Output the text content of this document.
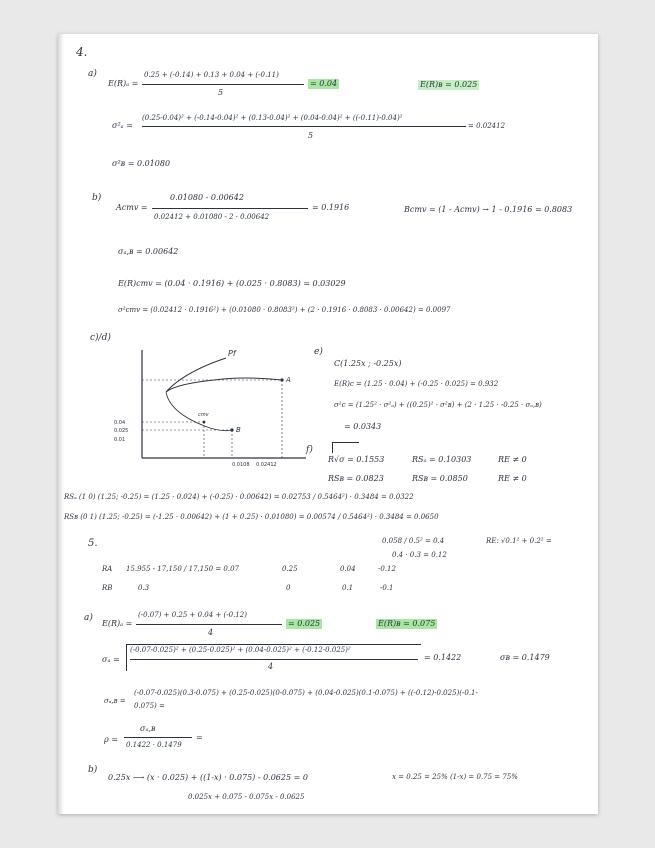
4.
a)
E(R)ₐ =
0.25 + (-0.14) + 0.13 + 0.04 + (-0.11)
5
= 0.04	E(R)ʙ = 0.025
σ²ₐ =
(0.25-0.04)² + (-0.14-0.04)² + (0.13-0.04)² + (0.04-0.04)² + ((-0.11)-0.04)²
5
= 0.02412
σ²ʙ = 0.01080
b)
Acmv =
0.01080 - 0.00642
0.02412 + 0.01080 - 2 · 0.00642
= 0.1916	Bcmv = (1 - Acmv) → 1 - 0.1916 = 0.8083
σₐ,ʙ = 0.00642
E(R)cmv = (0.04 · 0.1916) + (0.025 · 0.8083) = 0.03029
σ²cmv = (0.02412 · 0.1916²) + (0.01080 · 0.8083²) + (2 · 0.1916 · 0.8083 · 0.00642) = 0.0097
c)/d)
Pf
A
B
cmv
0.04
0.025
0.01
0.0108 0.02412
e)
C(1.25x ; -0.25x)
E(R)c = (1.25 · 0.04) + (-0.25 · 0.025) = 0.932
σ²c = (1.25² · σ²ₐ) + ((0.25)² · σ²ʙ) + (2 · 1.25 · -0.25 · σₐ,ʙ)
= 0.0343
f)
R√σ = 0.1553	RSₐ = 0.10303	RE ≠ 0
RSʙ = 0.0823	RSʙ = 0.0850	RE ≠ 0
RSₐ (1 0) (1.25; -0.25) = (1.25 · 0.024) + (-0.25) · 0.00642) = 0.02753 / 0.5464²) · 0.3484 = 0.0322
RSʙ (0 1) (1.25; -0.25) = (-1.25 · 0.00642) + (1 + 0.25) · 0.01080) = 0.00574 / 0.5464²) · 0.3484 = 0.0650
5.	0.058 / 0.5² = 0.4
0.4 · 0.3 = 0.12
RE: √0.1² + 0.2² =
RA 15.955 - 17,150 / 17,150 = 0.07	0.25	0.04	-0.12
RB	0.3	0	0.1	-0.1
a)
E(R)ₐ =
(-0.07) + 0.25 + 0.04 + (-0.12)
4
= 0.025	E(R)ʙ = 0.075
σₐ =
(-0.07-0.025)² + (0.25-0.025)² + (0.04-0.025)² + (-0.12-0.025)²
4
= 0.1422	σʙ = 0.1479
σₐ,ʙ =
(-0.07-0.025)(0.3-0.075) + (0.25-0.025)(0-0.075) + (0.04-0.025)(0.1-0.075) + ((-0.12)-0.025)(-0.1-
0.075) =
ρ =
σₐ,ʙ
0.1422 · 0.1479
=
b)
0.25x ⟶ (x · 0.025) + ((1-x) · 0.075) - 0.0625 = 0	x = 0.25 = 25% (1-x) = 0.75 = 75%
0.025x + 0.075 - 0.075x - 0.0625
